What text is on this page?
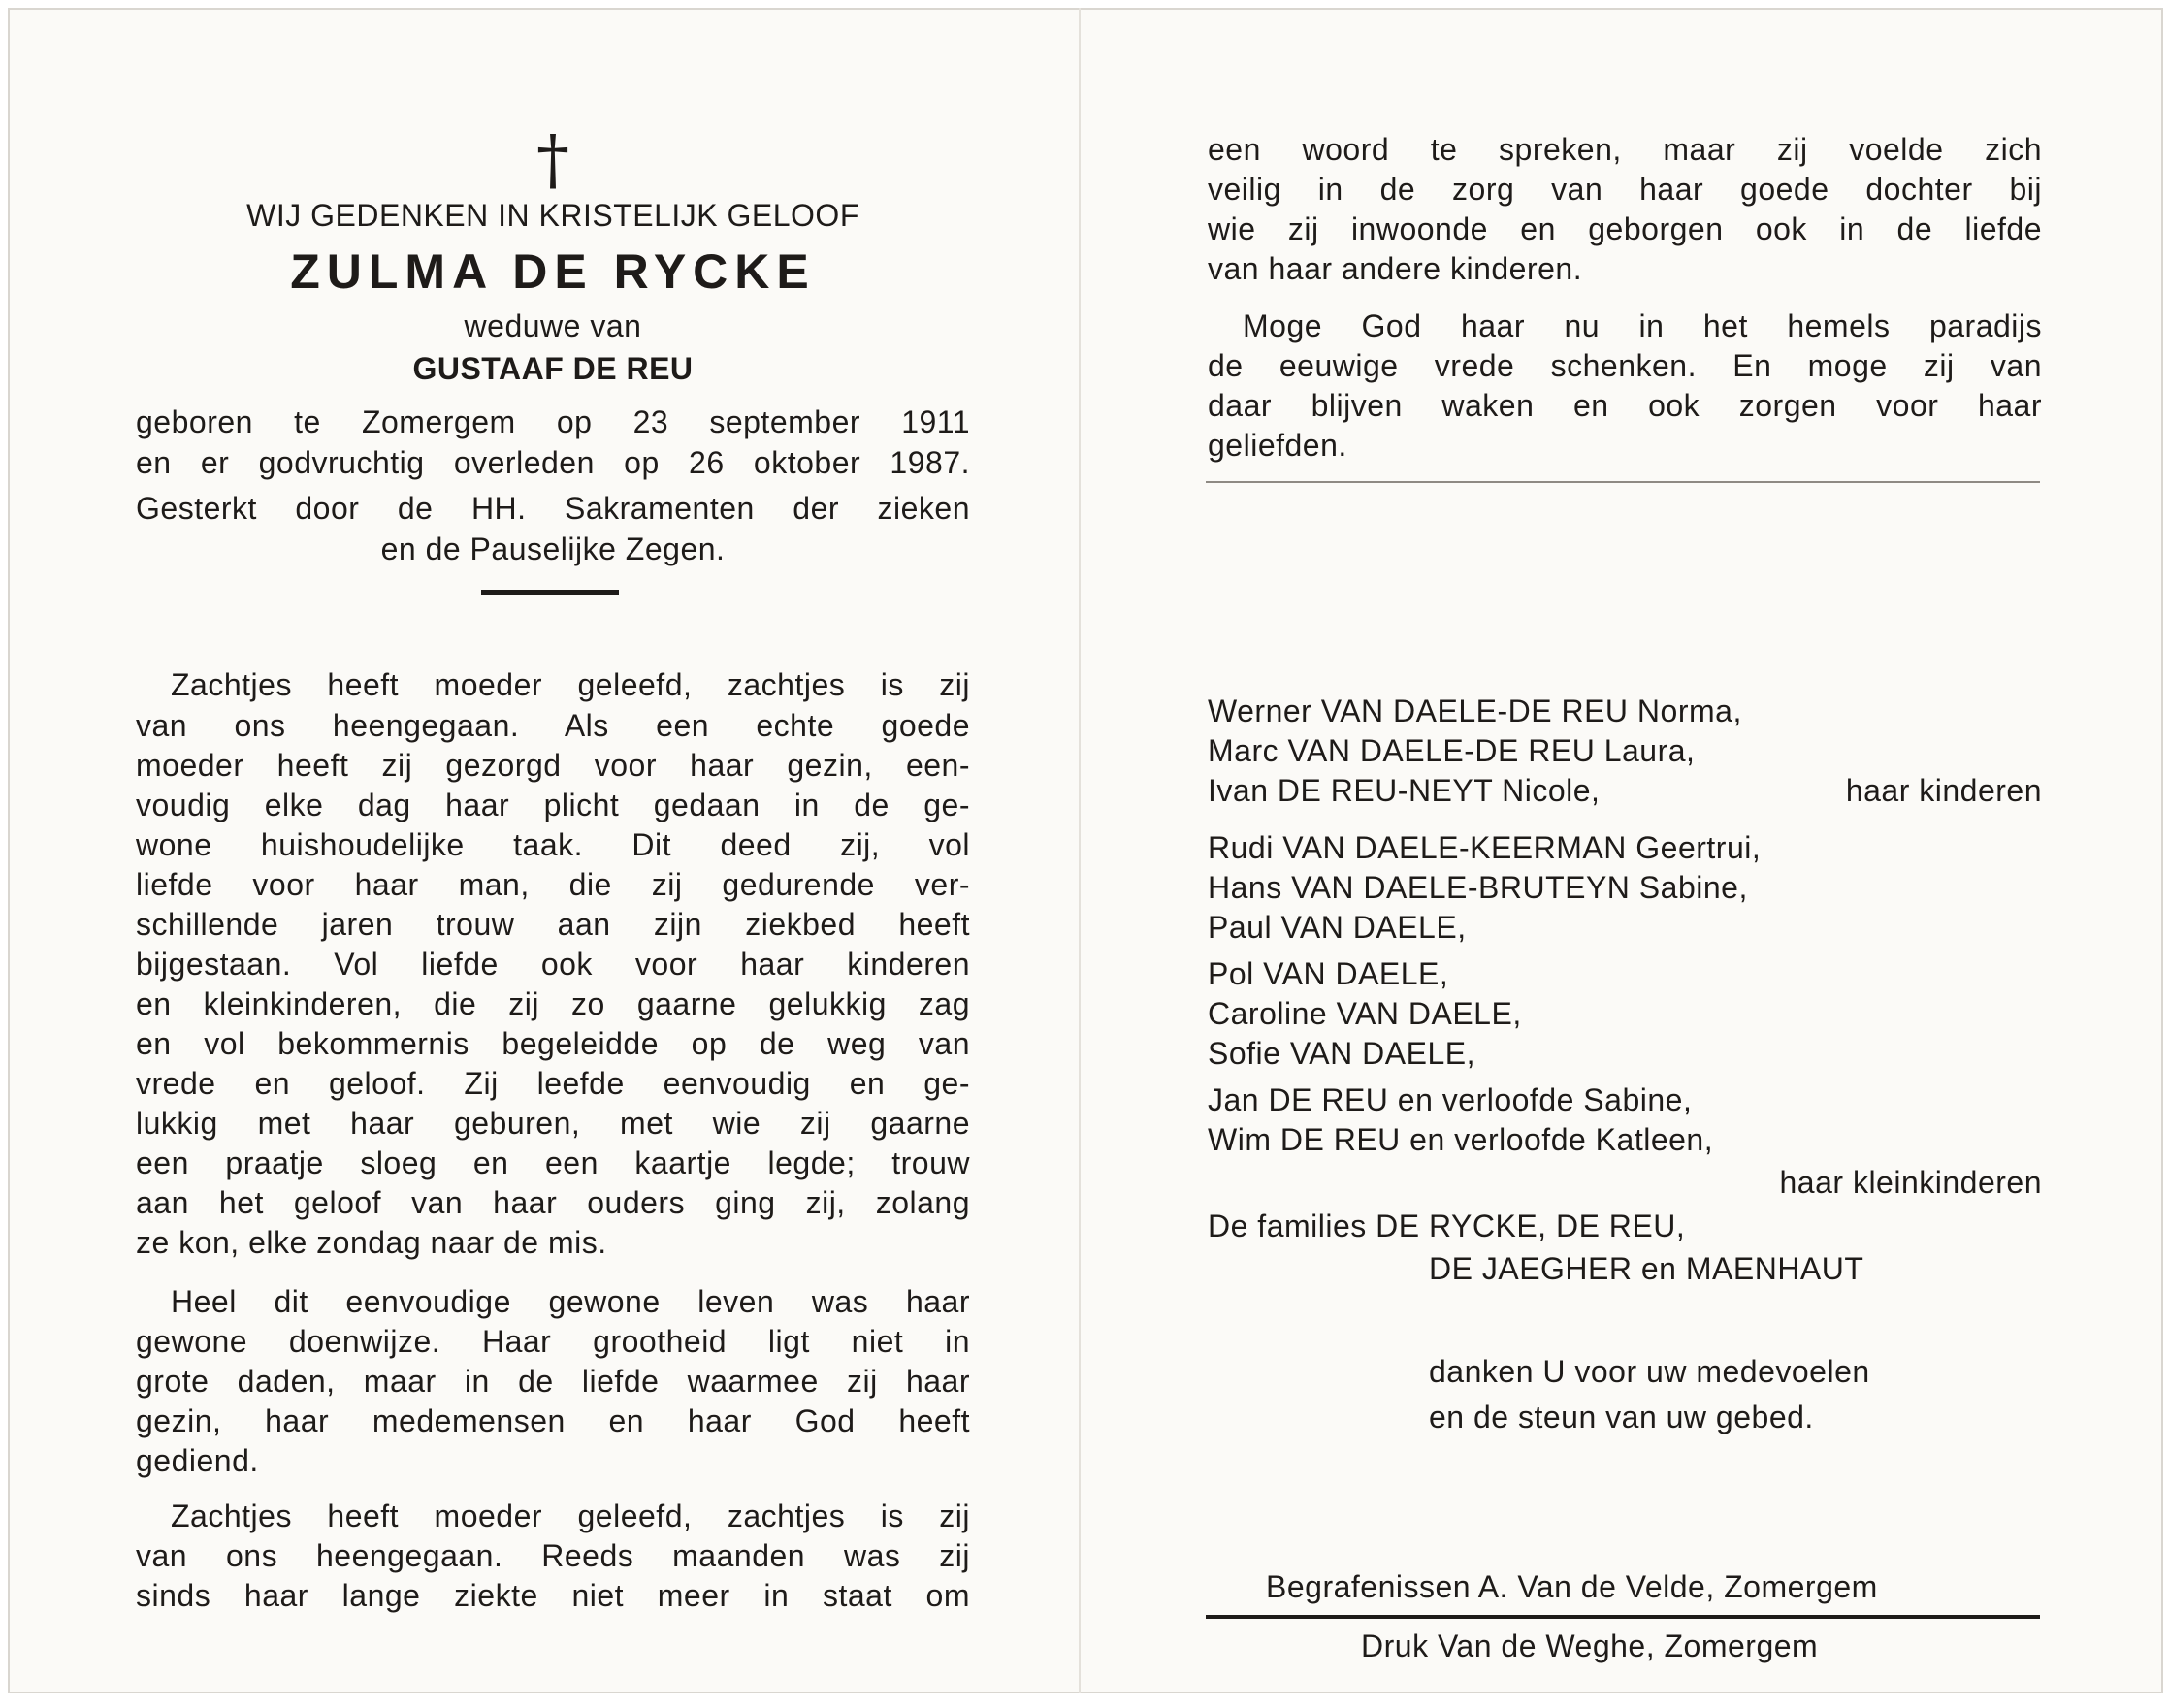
†
WIJ GEDENKEN IN KRISTELIJK GELOOF
ZULMA DE RYCKE
weduwe van
GUSTAAF DE REU
geboren te Zomergem op 23 september 1911
en er godvruchtig overleden op 26 oktober 1987.
Gesterkt door de HH. Sakramenten der zieken
en de Pauselijke Zegen.
Zachtjes heeft moeder geleefd, zachtjes is zij
van ons heengegaan. Als een echte goede
moeder heeft zij gezorgd voor haar gezin, een-
voudig elke dag haar plicht gedaan in de ge-
wone huishoudelijke taak. Dit deed zij, vol
liefde voor haar man, die zij gedurende ver-
schillende jaren trouw aan zijn ziekbed heeft
bijgestaan. Vol liefde ook voor haar kinderen
en kleinkinderen, die zij zo gaarne gelukkig zag
en vol bekommernis begeleidde op de weg van
vrede en geloof. Zij leefde eenvoudig en ge-
lukkig met haar geburen, met wie zij gaarne
een praatje sloeg en een kaartje legde; trouw
aan het geloof van haar ouders ging zij, zolang
ze kon, elke zondag naar de mis.
Heel dit eenvoudige gewone leven was haar
gewone doenwijze. Haar grootheid ligt niet in
grote daden, maar in de liefde waarmee zij haar
gezin, haar medemensen en haar God heeft
gediend.
Zachtjes heeft moeder geleefd, zachtjes is zij
van ons heengegaan. Reeds maanden was zij
sinds haar lange ziekte niet meer in staat om
een woord te spreken, maar zij voelde zich
veilig in de zorg van haar goede dochter bij
wie zij inwoonde en geborgen ook in de liefde
van haar andere kinderen.
Moge God haar nu in het hemels paradijs
de eeuwige vrede schenken. En moge zij van
daar blijven waken en ook zorgen voor haar
geliefden.
Werner VAN DAELE-DE REU Norma,
Marc VAN DAELE-DE REU Laura,
Ivan DE REU-NEYT Nicole,	haar kinderen
Rudi VAN DAELE-KEERMAN Geertrui,
Hans VAN DAELE-BRUTEYN Sabine,
Paul VAN DAELE,
Pol VAN DAELE,
Caroline VAN DAELE,
Sofie VAN DAELE,
Jan DE REU en verloofde Sabine,
Wim DE REU en verloofde Katleen,
haar kleinkinderen
De families DE RYCKE, DE REU,
DE JAEGHER en MAENHAUT
danken U voor uw medevoelen
en de steun van uw gebed.
Begrafenissen A. Van de Velde, Zomergem
Druk Van de Weghe, Zomergem
